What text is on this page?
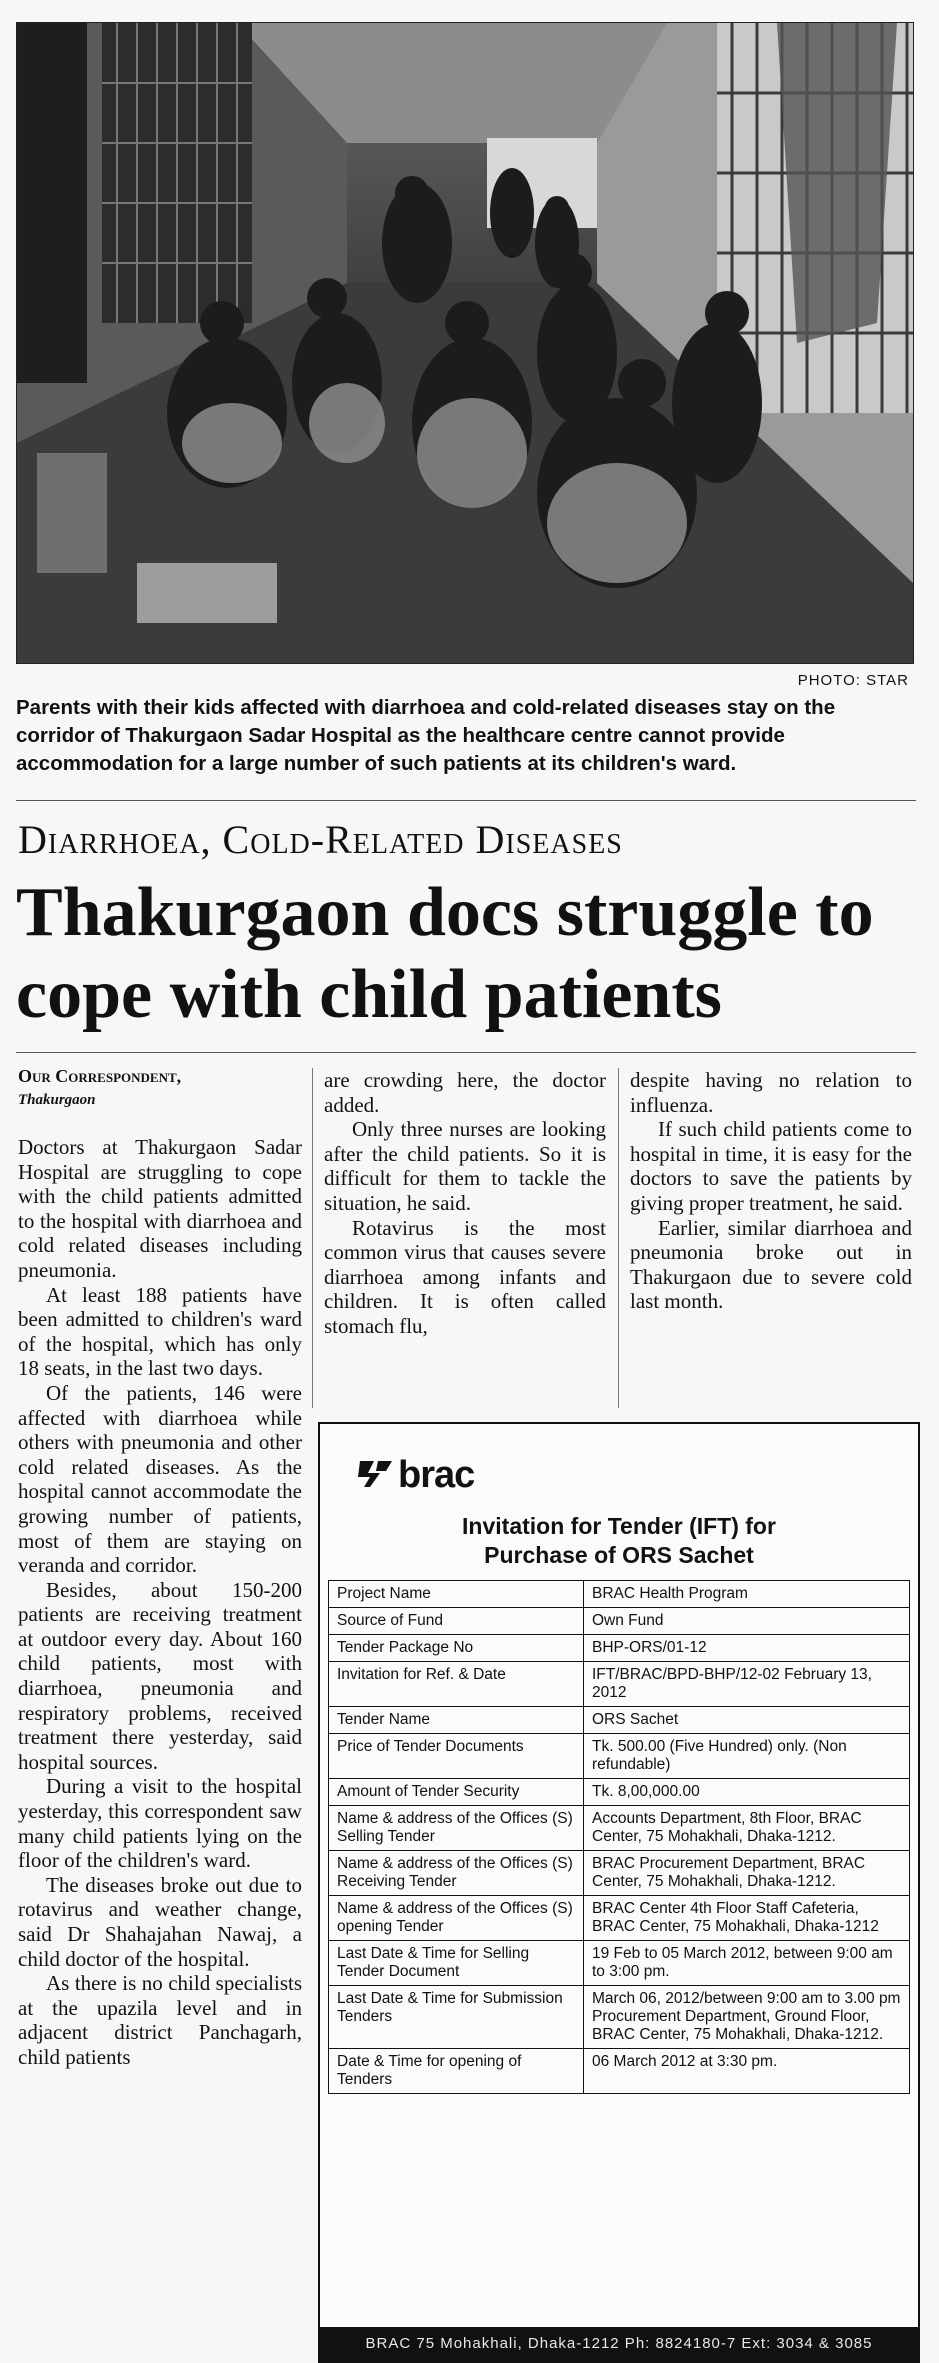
PHOTO: STAR
Parents with their kids affected with diarrhoea and cold-related diseases stay on the corridor of Thakurgaon Sadar Hospital as the healthcare centre cannot provide accommodation for a large number of such patients at its children's ward.
Diarrhoea, Cold-Related Diseases
Thakurgaon docs struggle to cope with child patients
Our Correspondent,
Thakurgaon

Doctors at Thakurgaon Sadar Hospital are struggling to cope with the child patients admitted to the hospital with diarrhoea and cold related diseases including pneumonia.

At least 188 patients have been admitted to children's ward of the hospital, which has only 18 seats, in the last two days.

Of the patients, 146 were affected with diarrhoea while others with pneumonia and other cold related diseases. As the hospital cannot accommodate the growing number of patients, most of them are staying on veranda and corridor.

Besides, about 150-200 patients are receiving treatment at outdoor every day. About 160 child patients, most with diarrhoea, pneumonia and respiratory problems, received treatment there yesterday, said hospital sources.

During a visit to the hospital yesterday, this correspondent saw many child patients lying on the floor of the children's ward.

The diseases broke out due to rotavirus and weather change, said Dr Shahajahan Nawaj, a child doctor of the hospital.

As there is no child specialists at the upazila level and in adjacent district Panchagarh, child patients

are crowding here, the doctor added.

Only three nurses are looking after the child patients. So it is difficult for them to tackle the situation, he said.

Rotavirus is the most common virus that causes severe diarrhoea among infants and children. It is often called stomach flu,

despite having no relation to influenza.

If such child patients come to hospital in time, it is easy for the doctors to save the patients by giving proper treatment, he said.

Earlier, similar diarrhoea and pneumonia broke out in Thakurgaon due to severe cold last month.

brac
Invitation for Tender (IFT) for
Purchase of ORS Sachet
Project Name	BRAC Health Program
Source of Fund	Own Fund
Tender Package No	BHP-ORS/01-12
Invitation for Ref. & Date	IFT/BRAC/BPD-BHP/12-02 February 13, 2012
Tender Name	ORS Sachet
Price of Tender Documents	Tk. 500.00 (Five Hundred) only. (Non refundable)
Amount of Tender Security	Tk. 8,00,000.00
Name & address of the Offices (S) Selling Tender	Accounts Department, 8th Floor, BRAC Center, 75 Mohakhali, Dhaka-1212.
Name & address of the Offices (S) Receiving Tender	BRAC Procurement Department, BRAC Center, 75 Mohakhali, Dhaka-1212.
Name & address of the Offices (S) opening Tender	BRAC Center 4th Floor Staff Cafeteria, BRAC Center, 75 Mohakhali, Dhaka-1212
Last Date & Time for Selling Tender Document	19 Feb to 05 March 2012, between 9:00 am to 3:00 pm.
Last Date & Time for Submission Tenders	March 06, 2012/between 9:00 am to 3.00 pm Procurement Department, Ground Floor, BRAC Center, 75 Mohakhali, Dhaka-1212.
Date & Time for opening of Tenders	06 March 2012 at 3:30 pm.
BRAC 75 Mohakhali, Dhaka-1212 Ph: 8824180-7 Ext: 3034 & 3085
